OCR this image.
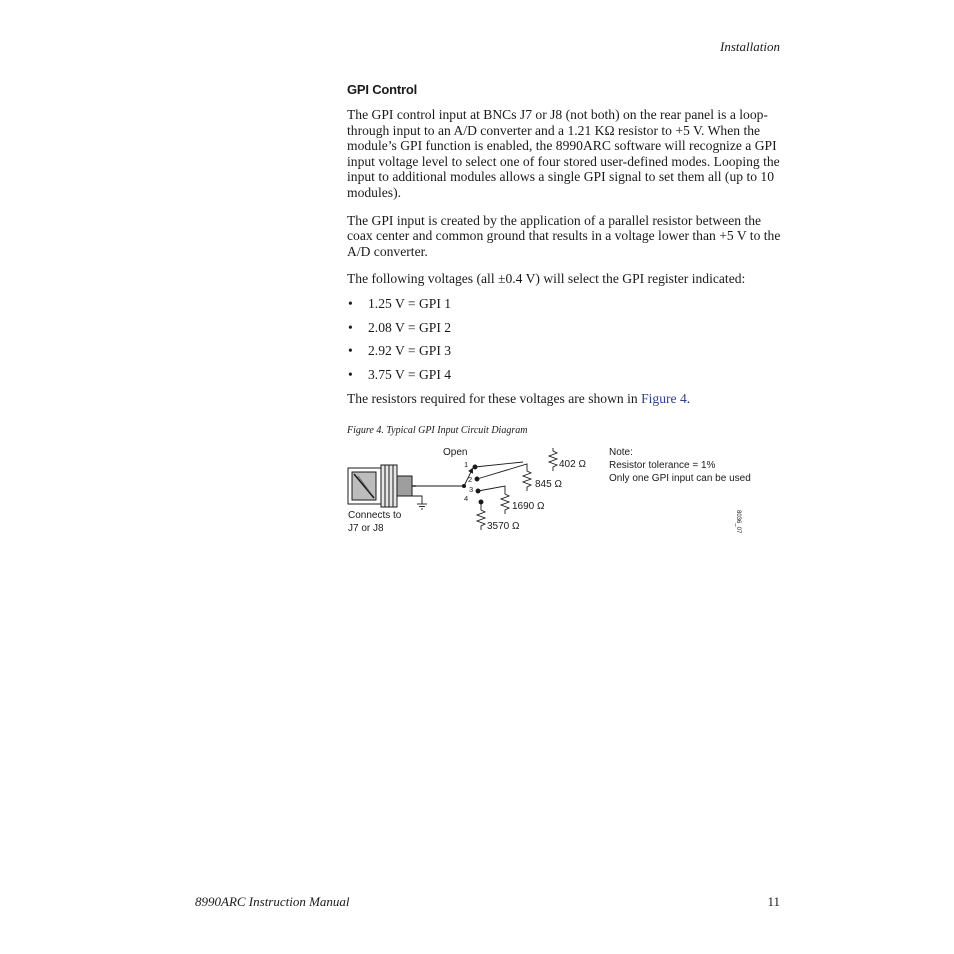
Installation
GPI Control

The GPI control input at BNCs J7 or J8 (not both) on the rear panel is a loop-through input to an A/D converter and a 1.21 KΩ resistor to +5 V. When the module’s GPI function is enabled, the 8990ARC software will recognize a GPI input voltage level to select one of four stored user-defined modes. Looping the input to additional modules allows a single GPI signal to set them all (up to 10 modules).

The GPI input is created by the application of a parallel resistor between the coax center and common ground that results in a voltage lower than +5 V to the A/D converter.

The following voltages (all ±0.4 V) will select the GPI register indicated:

• 1.25 V = GPI 1
• 2.08 V = GPI 2
• 2.92 V = GPI 3
• 3.75 V = GPI 4

The resistors required for these voltages are shown in Figure 4.

Figure 4. Typical GPI Input Circuit Diagram
Open
1
2
3
4
402 Ω
845 Ω
1690 Ω
3570 Ω
Connects to
J7 or J8
Note:
Resistor tolerance = 1%
Only one GPI input can be used
8036_07
8990ARC Instruction Manual	11
